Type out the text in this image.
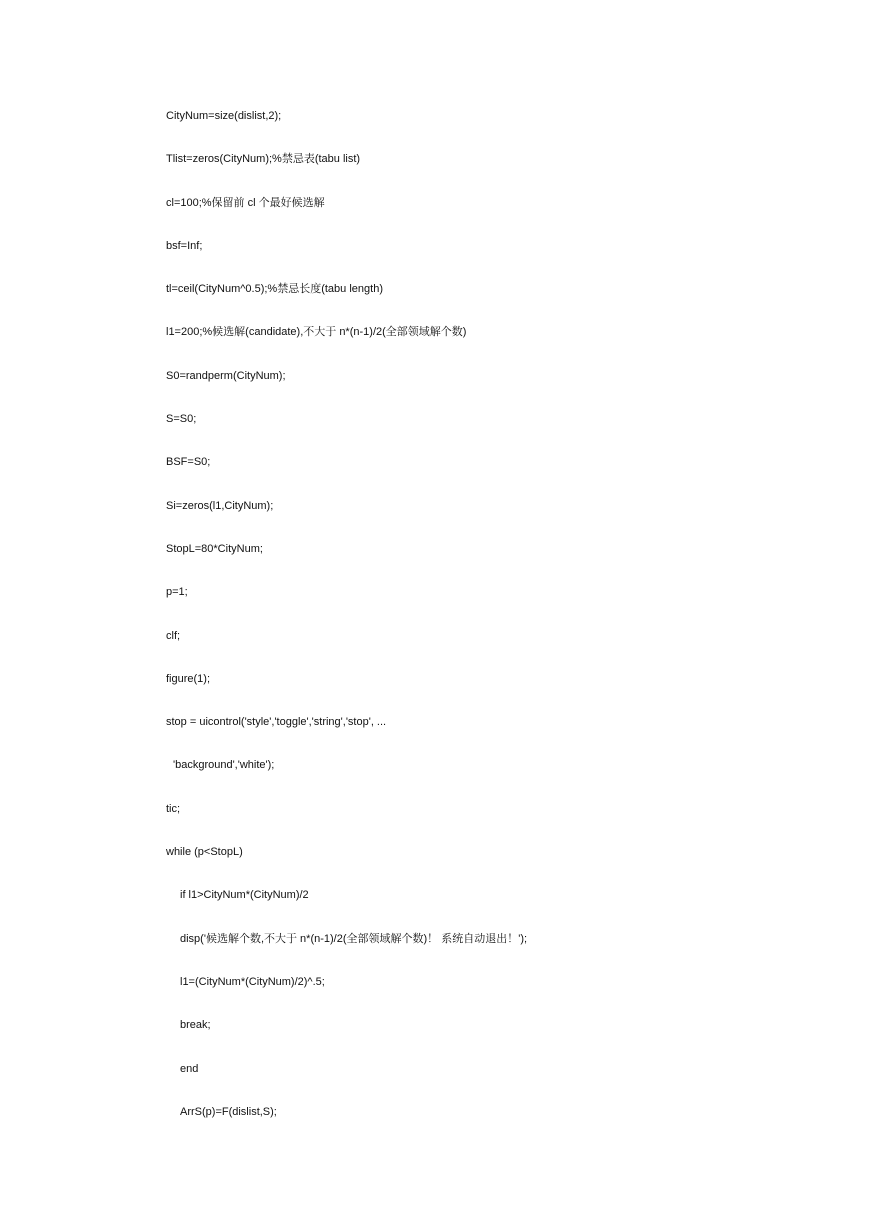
CityNum=size(dislist,2);
Tlist=zeros(CityNum);%禁忌表(tabu list)
cl=100;%保留前 cl 个最好候选解
bsf=Inf;
tl=ceil(CityNum^0.5);%禁忌长度(tabu length)
l1=200;%候选解(candidate),不大于 n*(n-1)/2(全部领域解个数)
S0=randperm(CityNum);
S=S0;
BSF=S0;
Si=zeros(l1,CityNum);
StopL=80*CityNum;
p=1;
clf;
figure(1);
stop = uicontrol('style','toggle','string','stop', ...
'background','white');
tic;
while (p<StopL)
if l1>CityNum*(CityNum)/2
disp('候选解个数,不大于 n*(n-1)/2(全部领域解个数)！ 系统自动退出！');
l1=(CityNum*(CityNum)/2)^.5;
break;
end
ArrS(p)=F(dislist,S);
